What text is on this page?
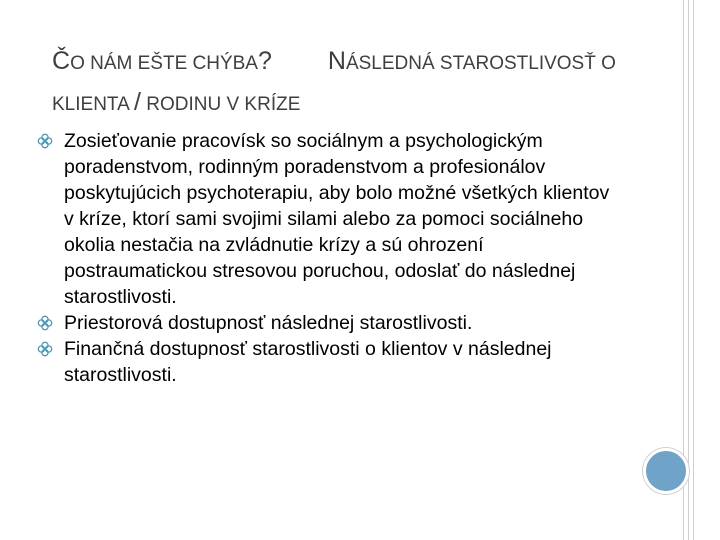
ČO NÁM EŠTE CHÝBA? NÁSLEDNÁ STAROSTLIVOSŤ O KLIENTA / RODINU V KRÍZE
Zosieťovanie pracovísk so sociálnym a psychologickým poradenstvom, rodinným poradenstvom a profesionálov poskytujúcich psychoterapiu, aby bolo možné všetkých klientov v kríze, ktorí sami svojimi silami alebo za pomoci sociálneho okolia nestačia na zvládnutie krízy a sú ohrození postraumatickou stresovou poruchou, odoslať do následnej starostlivosti.
Priestorová dostupnosť následnej starostlivosti.
Finančná dostupnosť starostlivosti o klientov v následnej starostlivosti.
